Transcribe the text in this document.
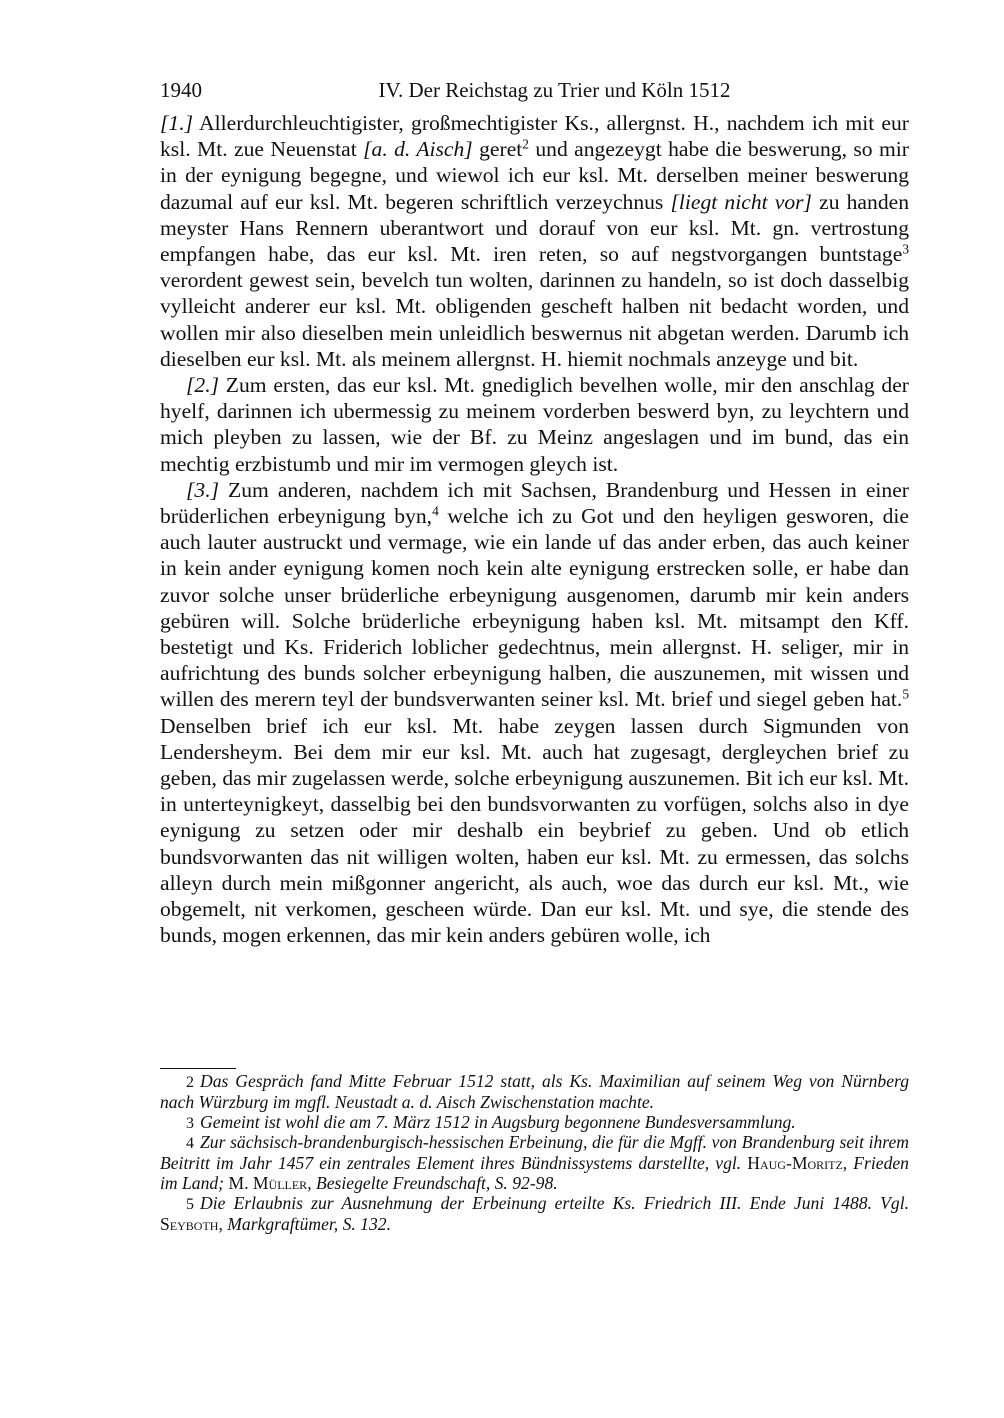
1940	IV. Der Reichstag zu Trier und Köln 1512

[1.] Allerdurchleuchtigister, großmechtigister Ks., allergnst. H., nachdem ich mit eur ksl. Mt. zue Neuenstat [a. d. Aisch] geret$^2$ und angezeygt habe die beswerung, so mir in der eynigung begegne, und wiewol ich eur ksl. Mt. derselben meiner beswerung dazumal auf eur ksl. Mt. begeren schriftlich verzeychnus [liegt nicht vor] zu handen meyster Hans Rennern uberantwort und dorauf von eur ksl. Mt. gn. vertrostung empfangen habe, das eur ksl. Mt. iren reten, so auf negstvorgangen buntstage$^3$ verordent gewest sein, bevelch tun wolten, darinnen zu handeln, so ist doch dasselbig vylleicht anderer eur ksl. Mt. obligenden gescheft halben nit bedacht worden, und wollen mir also dieselben mein unleidlich beswernus nit abgetan werden. Darumb ich dieselben eur ksl. Mt. als meinem allergnst. H. hiemit nochmals anzeyge und bit.

[2.] Zum ersten, das eur ksl. Mt. gnediglich bevelhen wolle, mir den anschlag der hyelf, darinnen ich ubermessig zu meinem vorderben beswerd byn, zu leychtern und mich pleyben zu lassen, wie der Bf. zu Meinz angeslagen und im bund, das ein mechtig erzbistumb und mir im vermogen gleych ist.

[3.] Zum anderen, nachdem ich mit Sachsen, Brandenburg und Hessen in einer brüderlichen erbeynigung byn,$^4$ welche ich zu Got und den heyligen gesworen, die auch lauter austruckt und vermage, wie ein lande uf das ander erben, das auch keiner in kein ander eynigung komen noch kein alte eynigung erstrecken solle, er habe dan zuvor solche unser brüderliche erbeynigung ausgenomen, darumb mir kein anders gebüren will. Solche brüderliche erbeynigung haben ksl. Mt. mitsampt den Kff. bestetigt und Ks. Friderich loblicher gedechtnus, mein allergnst. H. seliger, mir in aufrichtung des bunds solcher erbeynigung halben, die auszunemen, mit wissen und willen des merern teyl der bundsverwanten seiner ksl. Mt. brief und siegel geben hat.$^5$ Denselben brief ich eur ksl. Mt. habe zeygen lassen durch Sigmunden von Lendersheym. Bei dem mir eur ksl. Mt. auch hat zugesagt, dergleychen brief zu geben, das mir zugelassen werde, solche erbeynigung auszunemen. Bit ich eur ksl. Mt. in unterteynigkeyt, dasselbig bei den bundsvorwanten zu vorfügen, solchs also in dye eynigung zu setzen oder mir deshalb ein beybrief zu geben. Und ob etlich bundsvorwanten das nit willigen wolten, haben eur ksl. Mt. zu ermessen, das solchs alleyn durch mein mißgonner angericht, als auch, woe das durch eur ksl. Mt., wie obgemelt, nit verkomen, gescheen würde. Dan eur ksl. Mt. und sye, die stende des bunds, mogen erkennen, das mir kein anders gebüren wolle, ich

2 Das Gespräch fand Mitte Februar 1512 statt, als Ks. Maximilian auf seinem Weg von Nürnberg nach Würzburg im mgfl. Neustadt a. d. Aisch Zwischenstation machte.

3 Gemeint ist wohl die am 7. März 1512 in Augsburg begonnene Bundesversammlung.

4 Zur sächsisch-brandenburgisch-hessischen Erbeinung, die für die Mgff. von Brandenburg seit ihrem Beitritt im Jahr 1457 ein zentrales Element ihres Bündnissystems darstellte, vgl. Haug-Moritz, Frieden im Land; M. Müller, Besiegelte Freundschaft, S. 92-98.

5 Die Erlaubnis zur Ausnehmung der Erbeinung erteilte Ks. Friedrich III. Ende Juni 1488. Vgl. Seyboth, Markgraftümer, S. 132.
